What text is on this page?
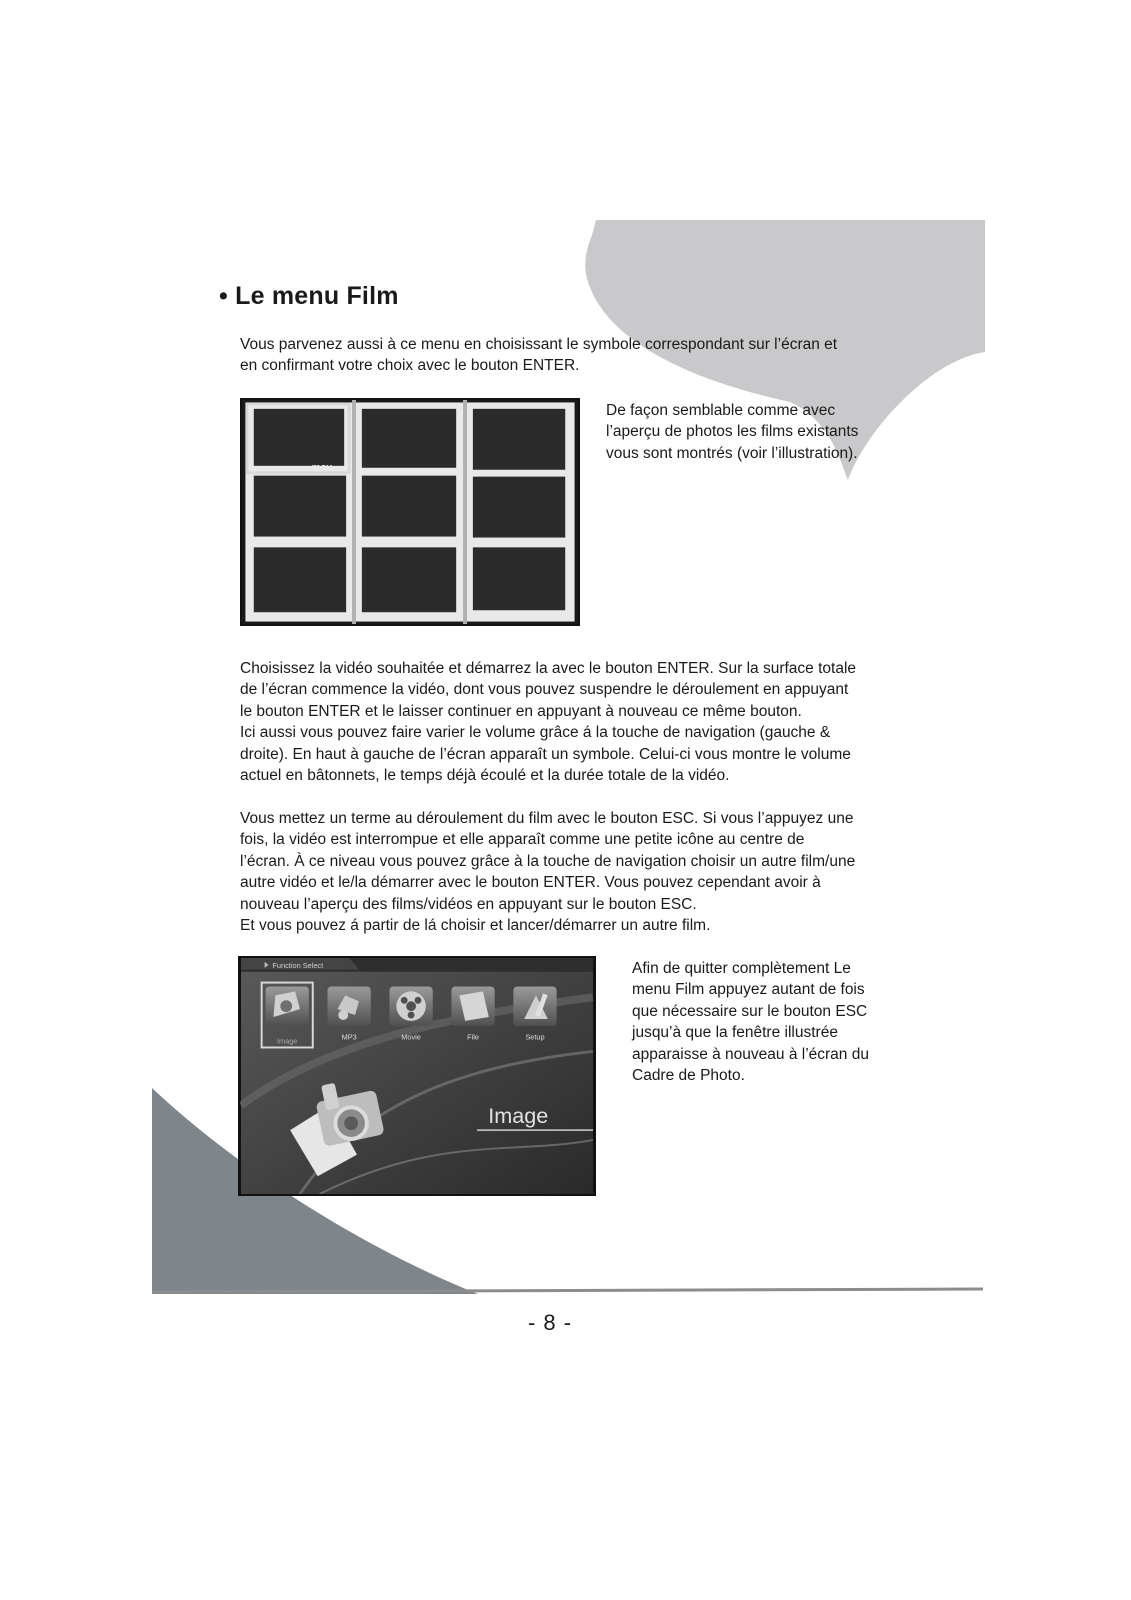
• Le menu Film

Vous parvenez aussi à ce menu en choisissant le symbole correspondant sur l’écran et
en confirmant votre choix avec le bouton ENTER.

mov

De façon semblable comme avec
l’aperçu de photos les films existants
vous sont montrés (voir l’illustration).

Choisissez la vidéo souhaitée et démarrez la avec le bouton ENTER. Sur la surface totale
de l’écran commence la vidéo, dont vous pouvez suspendre le déroulement en appuyant
le bouton ENTER et le laisser continuer en appuyant à nouveau ce même bouton.
Ici aussi vous pouvez faire varier le volume grâce á la touche de navigation (gauche &
droite). En haut à gauche de l’écran apparaît un symbole. Celui-ci vous montre le volume
actuel en bâtonnets, le temps déjà écoulé et la durée totale de la vidéo.

Vous mettez un terme au déroulement du film avec le bouton ESC. Si vous l’appuyez une
fois, la vidéo est interrompue et elle apparaît comme une petite icône au centre de
l’écran. À ce niveau vous pouvez grâce à la touche de navigation choisir un autre film/une
autre vidéo et le/la démarrer avec le bouton ENTER. Vous pouvez cependant avoir à
nouveau l’aperçu des films/vidéos en appuyant sur le bouton ESC.
Et vous pouvez á partir de lá choisir et lancer/démarrer un autre film.

Function Select
Image	MP3	Movie	File	Setup
Image

Afin de quitter complètement Le
menu Film appuyez autant de fois
que nécessaire sur le bouton ESC
jusqu’à que la fenêtre illustrée
apparaisse à nouveau à l’écran du
Cadre de Photo.

- 8 -
